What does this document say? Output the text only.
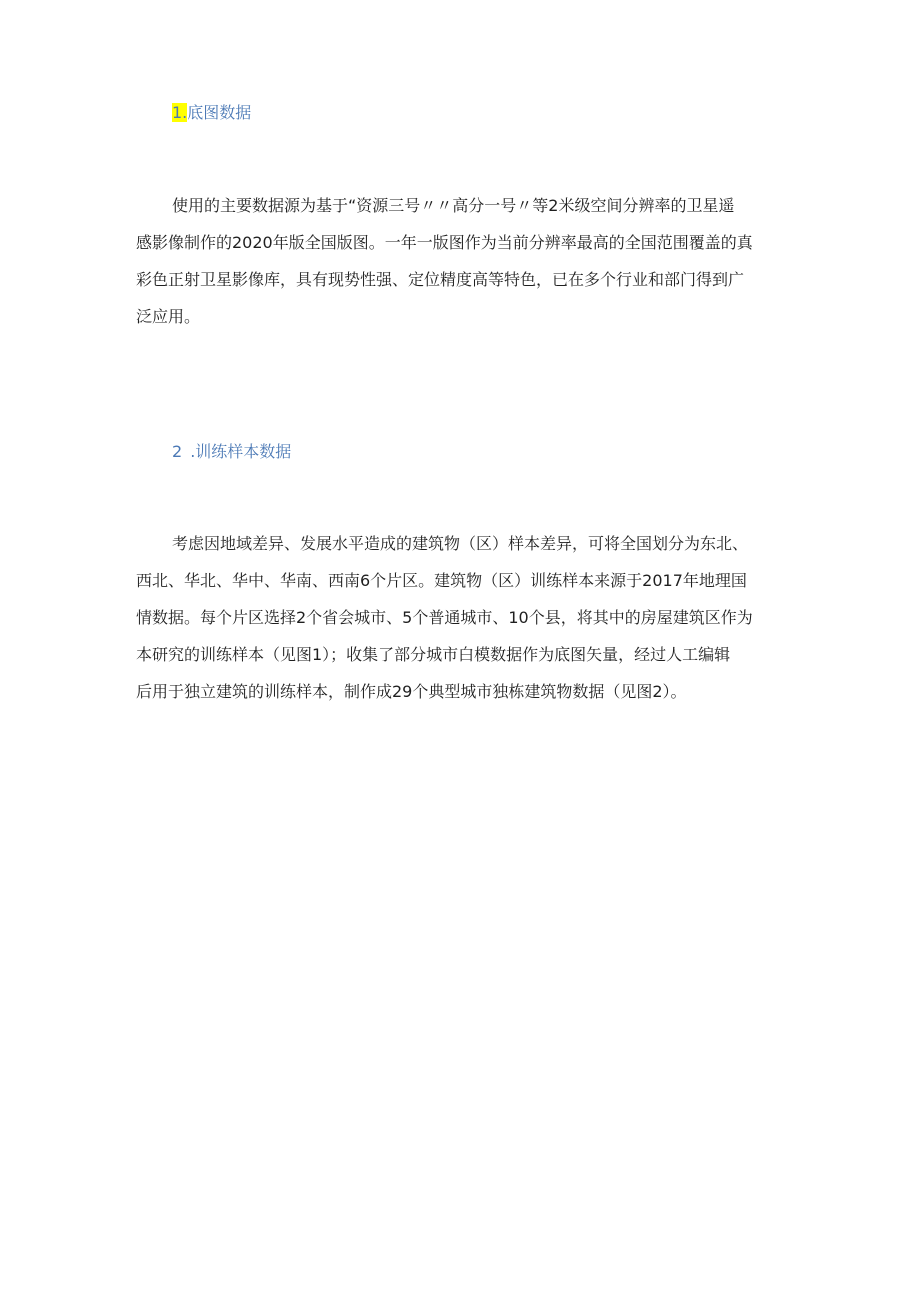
1.底图数据

使用的主要数据源为基于“资源三号〃〃高分一号〃等2米级空间分辨率的卫星遥
感影像制作的2020年版全国版图。一年一版图作为当前分辨率最高的全国范围覆盖的真
彩色正射卫星影像库，具有现势性强、定位精度高等特色，已在多个行业和部门得到广
泛应用。

2 .训练样本数据

考虑因地域差异、发展水平造成的建筑物（区）样本差异，可将全国划分为东北、
西北、华北、华中、华南、西南6个片区。建筑物（区）训练样本来源于2017年地理国
情数据。每个片区选择2个省会城市、5个普通城市、10个县，将其中的房屋建筑区作为
本研究的训练样本（见图1）；收集了部分城市白模数据作为底图矢量，经过人工编辑
后用于独立建筑的训练样本，制作成29个典型城市独栋建筑物数据（见图2）。
